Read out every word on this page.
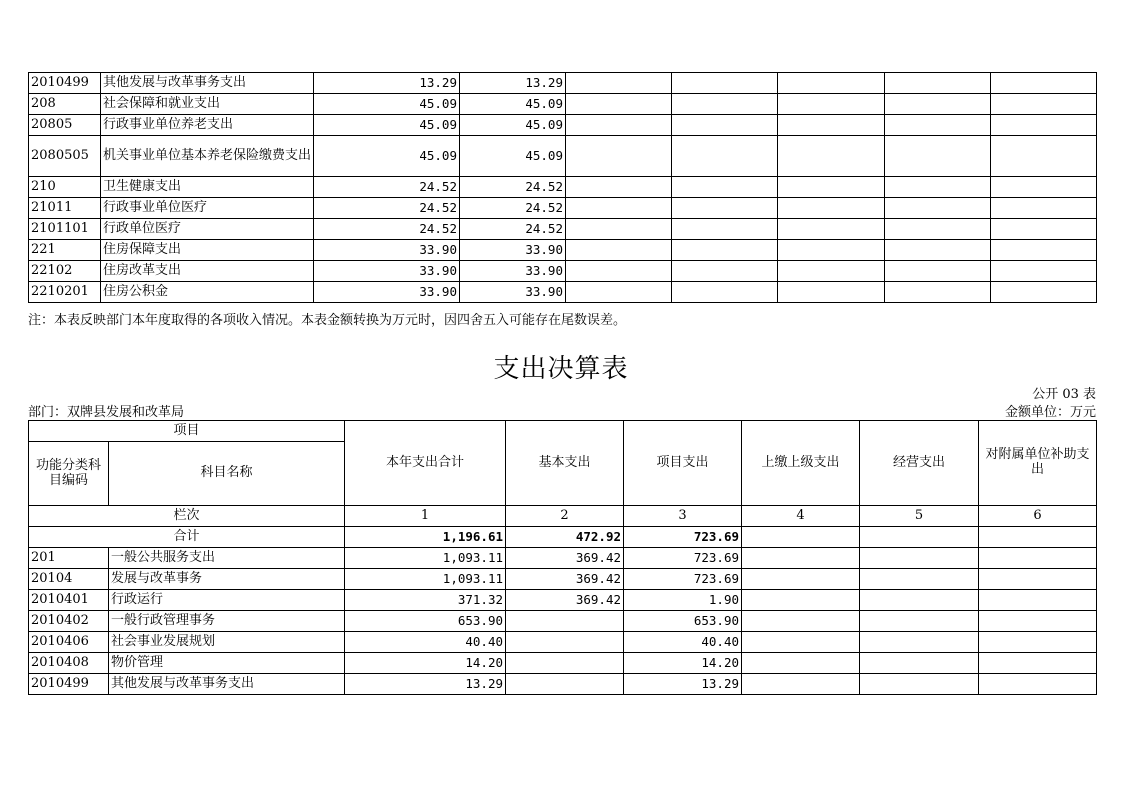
2010499	其他发展与改革事务支出	13.29	13.29					
208	社会保障和就业支出	45.09	45.09					
20805	行政事业单位养老支出	45.09	45.09					
2080505	机关事业单位基本养老保险缴费支出	45.09	45.09					
210	卫生健康支出	24.52	24.52					
21011	行政事业单位医疗	24.52	24.52					
2101101	行政单位医疗	24.52	24.52					
221	住房保障支出	33.90	33.90					
22102	住房改革支出	33.90	33.90					
2210201	住房公积金	33.90	33.90					
注：本表反映部门本年度取得的各项收入情况。本表金额转换为万元时，因四舍五入可能存在尾数误差。
支出决算表
公开 03 表
部门：双牌县发展和改革局	金额单位：万元
项目		本年支出合计	基本支出	项目支出	上缴上级支出	经营支出	对附属单位补助支出
功能分类科目编码	科目名称						
栏次		1	2	3	4	5	6
合计		1,196.61	472.92	723.69			
201	一般公共服务支出	1,093.11	369.42	723.69			
20104	发展与改革事务	1,093.11	369.42	723.69			
2010401	行政运行	371.32	369.42	1.90			
2010402	一般行政管理事务	653.90		653.90			
2010406	社会事业发展规划	40.40		40.40			
2010408	物价管理	14.20		14.20			
2010499	其他发展与改革事务支出	13.29		13.29			
